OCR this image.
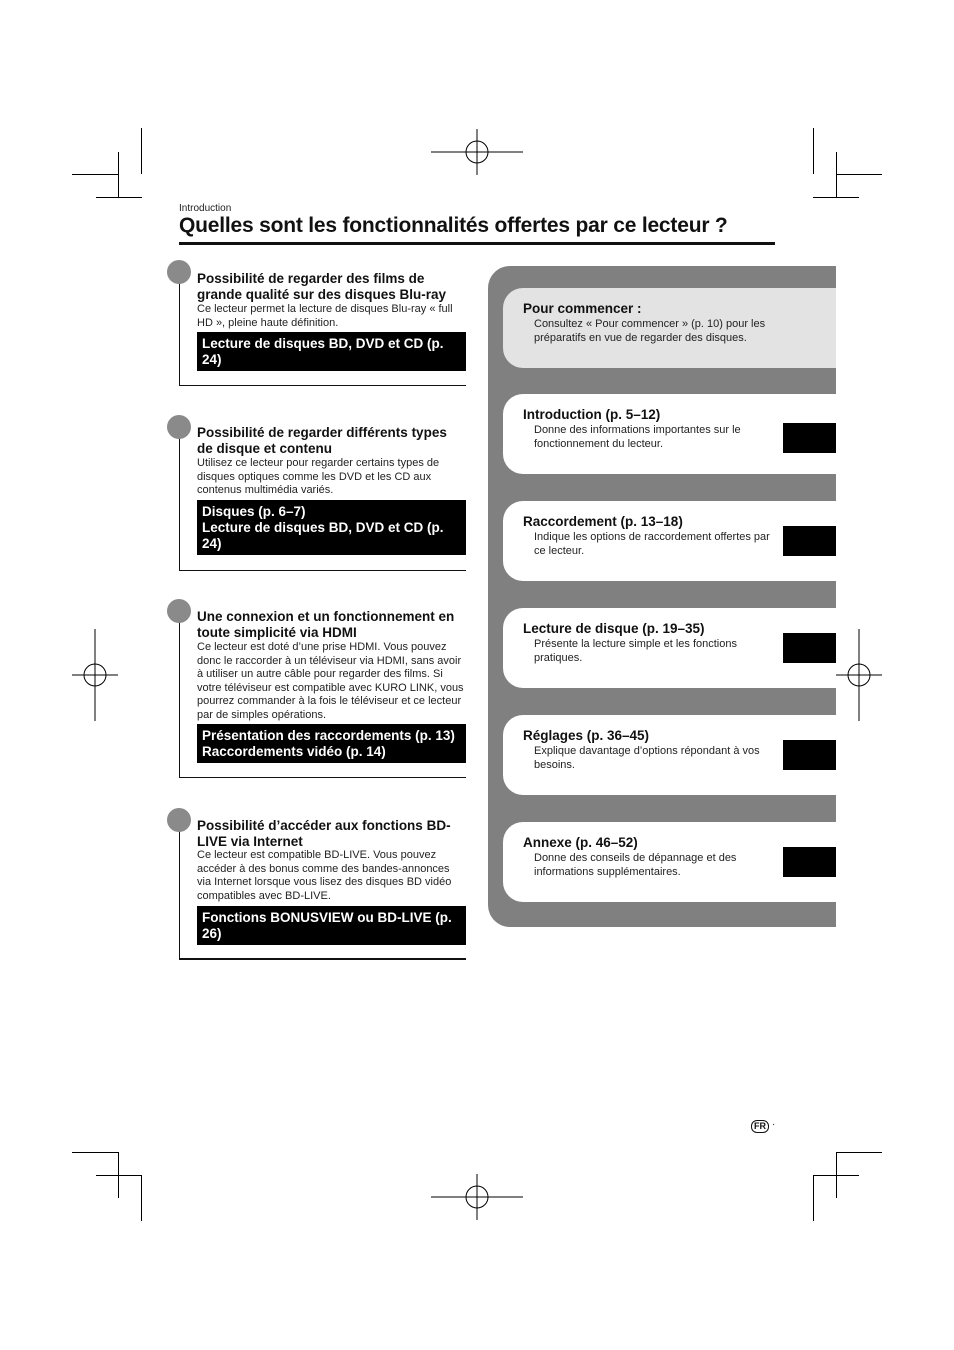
Introduction
Quelles sont les fonctionnalités offertes par ce lecteur ?
Possibilité de regarder des films de grande qualité sur des disques Blu-ray
Ce lecteur permet la lecture de disques Blu-ray « full HD », pleine haute définition.
Lecture de disques BD, DVD et CD (p. 24)
Possibilité de regarder différents types de disque et contenu
Utilisez ce lecteur pour regarder certains types de disques optiques comme les DVD et les CD aux contenus multimédia variés.
Disques (p. 6–7)
Lecture de disques BD, DVD et CD (p. 24)
Une connexion et un fonctionnement en toute simplicité via HDMI
Ce lecteur est doté d’une prise HDMI. Vous pouvez donc le raccorder à un téléviseur via HDMI, sans avoir à utiliser un autre câble pour regarder des films. Si votre téléviseur est compatible avec KURO LINK, vous pourrez commander à la fois le téléviseur et ce lecteur par de simples opérations.
Présentation des raccordements (p. 13)
Raccordements vidéo (p. 14)
Possibilité d’accéder aux fonctions BD-LIVE via Internet
Ce lecteur est compatible BD-LIVE. Vous pouvez accéder à des bonus comme des bandes-annonces via Internet lorsque vous lisez des disques BD vidéo compatibles avec BD-LIVE.
Fonctions BONUSVIEW ou BD-LIVE (p. 26)
Pour commencer :
Consultez « Pour commencer » (p. 10) pour les préparatifs en vue de regarder des disques.
Introduction (p. 5–12)
Donne des informations importantes sur le fonctionnement du lecteur.
Raccordement (p. 13–18)
Indique les options de raccordement offertes par ce lecteur.
Lecture de disque (p. 19–35)
Présente la lecture simple et les fonctions pratiques.
Réglages (p. 36–45)
Explique davantage d’options répondant à vos besoins.
Annexe (p. 46–52)
Donne des conseils de dépannage et des informations supplémentaires.
FR ·
